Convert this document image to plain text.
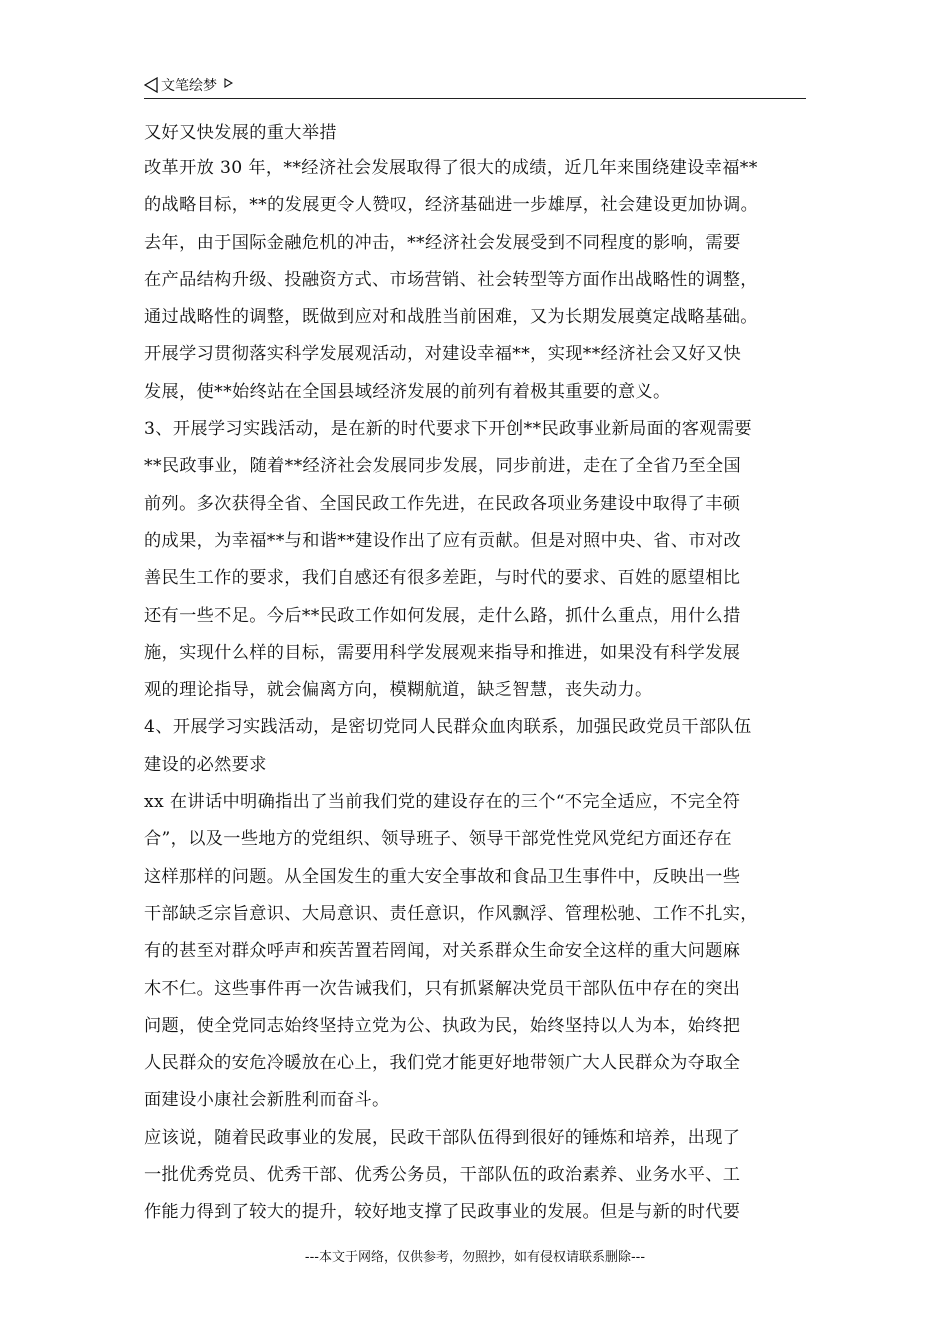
文笔绘梦

又好又快发展的重大举措

改革开放 30 年，**经济社会发展取得了很大的成绩，近几年来围绕建设幸福**

的战略目标，**的发展更令人赞叹，经济基础进一步雄厚，社会建设更加协调。

去年，由于国际金融危机的冲击，**经济社会发展受到不同程度的影响，需要

在产品结构升级、投融资方式、市场营销、社会转型等方面作出战略性的调整，

通过战略性的调整，既做到应对和战胜当前困难，又为长期发展奠定战略基础。

开展学习贯彻落实科学发展观活动，对建设幸福**，实现**经济社会又好又快

发展，使**始终站在全国县域经济发展的前列有着极其重要的意义。

3、开展学习实践活动，是在新的时代要求下开创**民政事业新局面的客观需要

**民政事业，随着**经济社会发展同步发展，同步前进，走在了全省乃至全国

前列。多次获得全省、全国民政工作先进，在民政各项业务建设中取得了丰硕

的成果，为幸福**与和谐**建设作出了应有贡献。但是对照中央、省、市对改

善民生工作的要求，我们自感还有很多差距，与时代的要求、百姓的愿望相比

还有一些不足。今后**民政工作如何发展，走什么路，抓什么重点，用什么措

施，实现什么样的目标，需要用科学发展观来指导和推进，如果没有科学发展

观的理论指导，就会偏离方向，模糊航道，缺乏智慧，丧失动力。

4、开展学习实践活动，是密切党同人民群众血肉联系，加强民政党员干部队伍

建设的必然要求

xx 在讲话中明确指出了当前我们党的建设存在的三个“不完全适应，不完全符

合”，以及一些地方的党组织、领导班子、领导干部党性党风党纪方面还存在

这样那样的问题。从全国发生的重大安全事故和食品卫生事件中，反映出一些

干部缺乏宗旨意识、大局意识、责任意识，作风飘浮、管理松驰、工作不扎实，

有的甚至对群众呼声和疾苦置若罔闻，对关系群众生命安全这样的重大问题麻

木不仁。这些事件再一次告诫我们，只有抓紧解决党员干部队伍中存在的突出

问题，使全党同志始终坚持立党为公、执政为民，始终坚持以人为本，始终把

人民群众的安危冷暖放在心上，我们党才能更好地带领广大人民群众为夺取全

面建设小康社会新胜利而奋斗。

应该说，随着民政事业的发展，民政干部队伍得到很好的锤炼和培养，出现了

一批优秀党员、优秀干部、优秀公务员，干部队伍的政治素养、业务水平、工

作能力得到了较大的提升，较好地支撑了民政事业的发展。但是与新的时代要

---本文于网络，仅供参考，勿照抄，如有侵权请联系删除---
